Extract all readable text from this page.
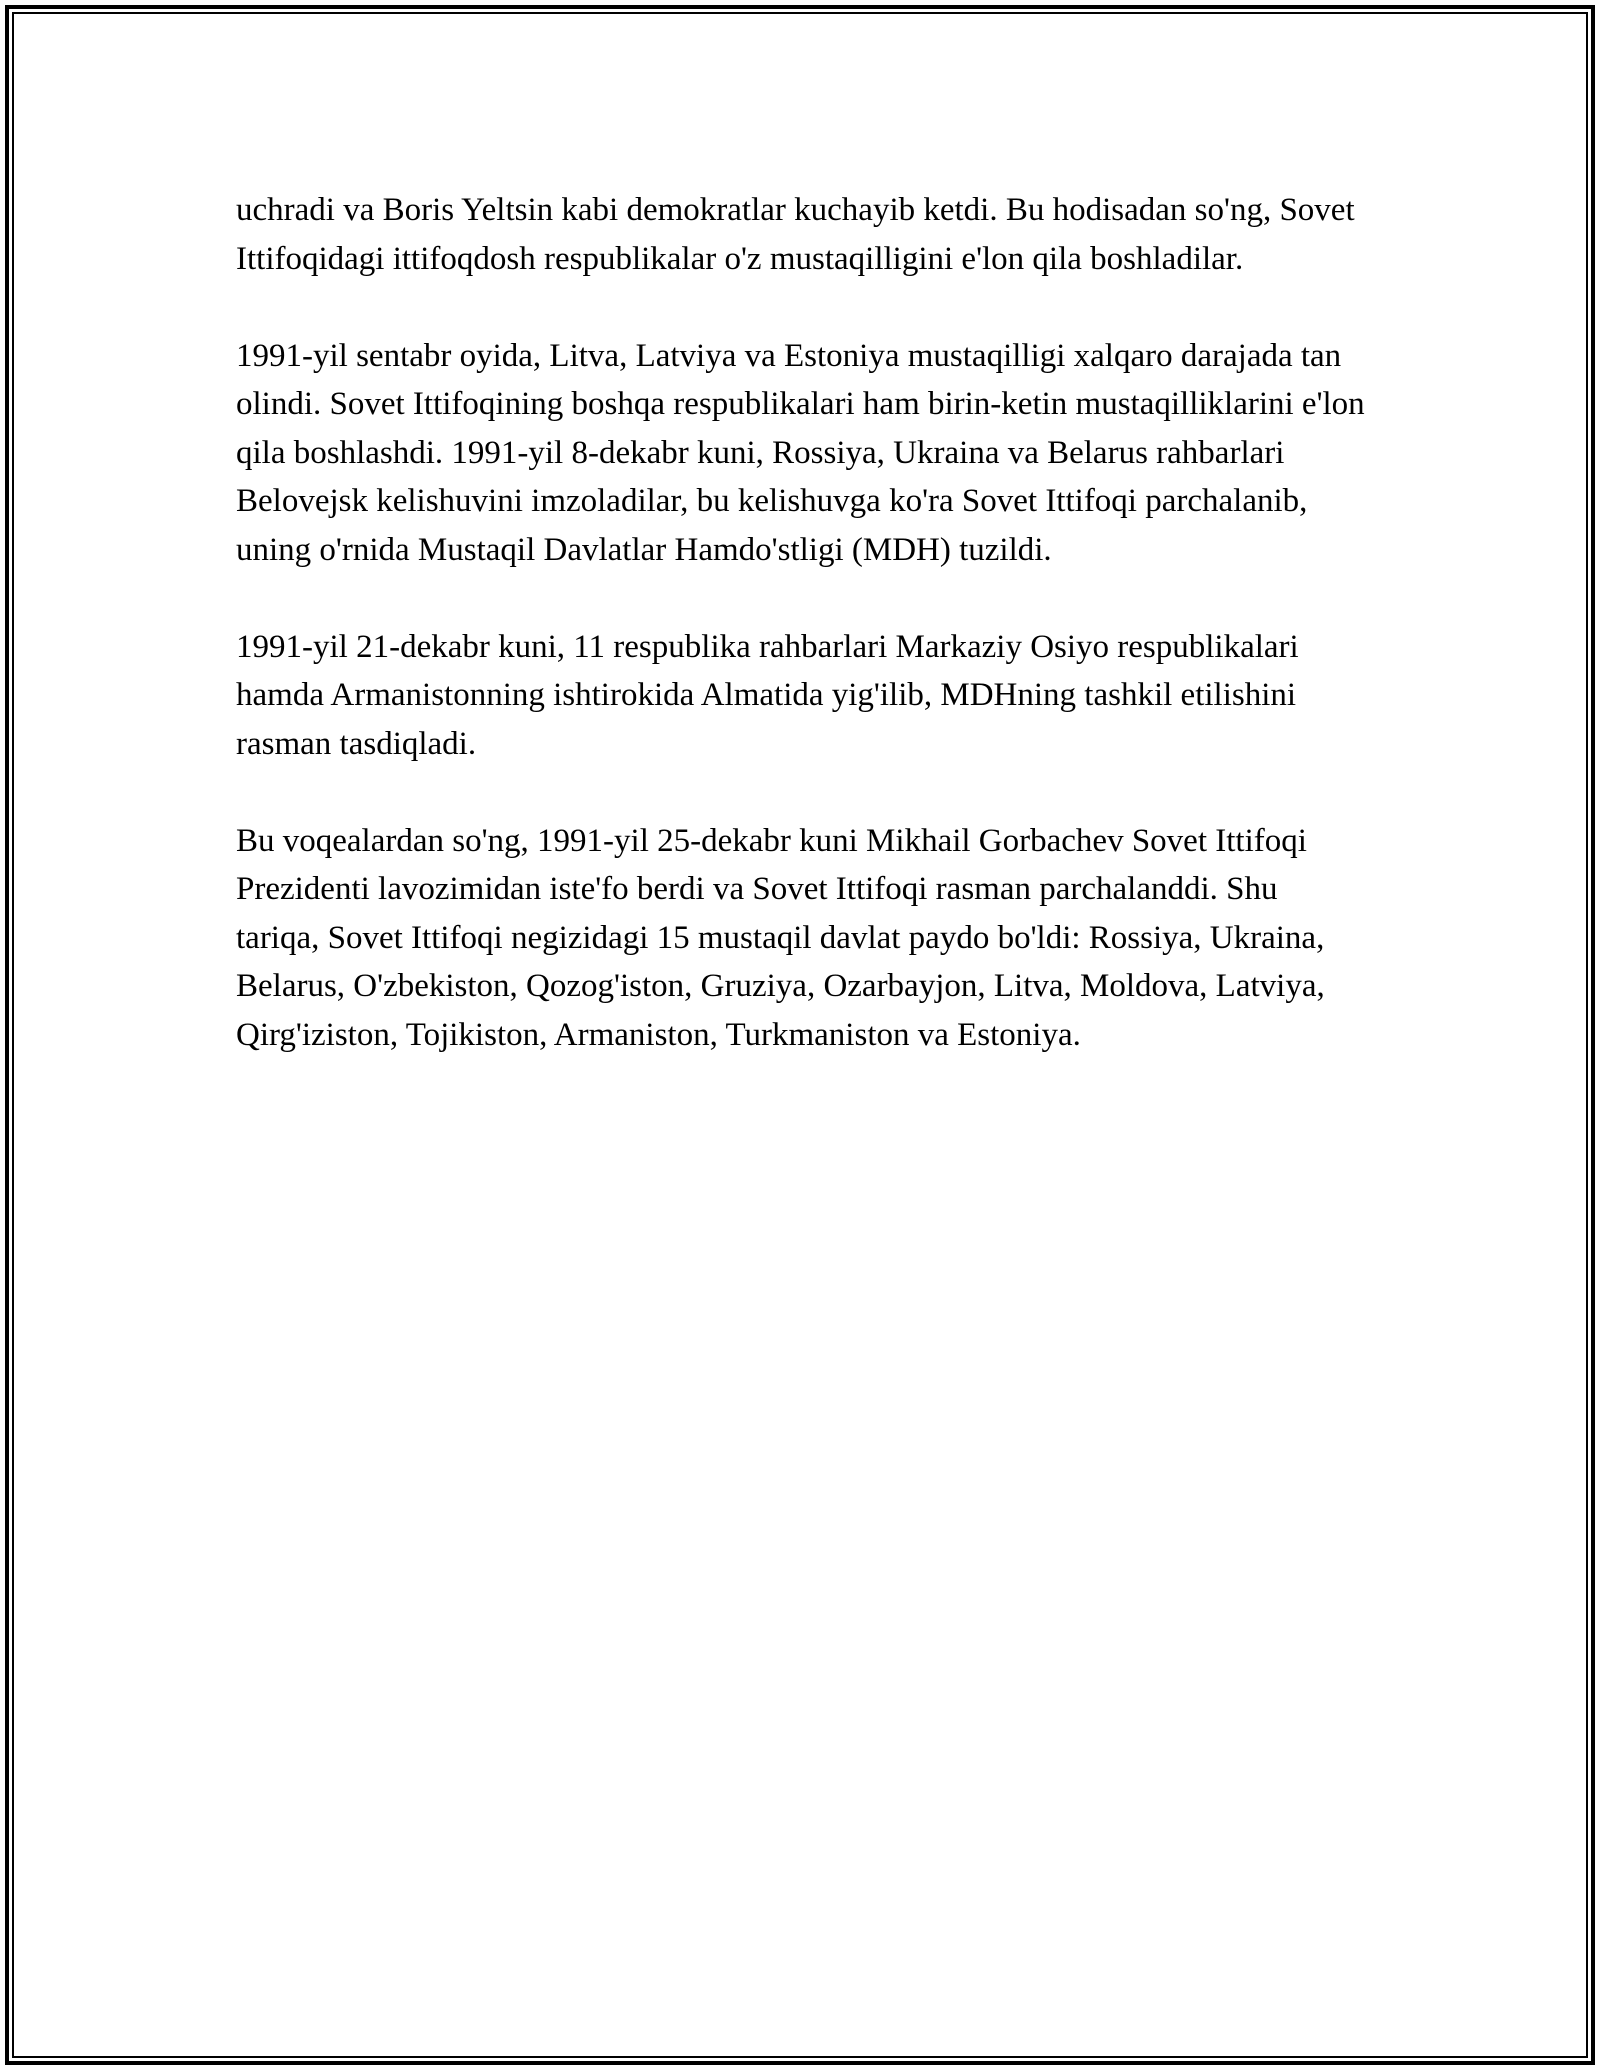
uchradi va Boris Yeltsin kabi demokratlar kuchayib ketdi. Bu hodisadan so'ng, Sovet Ittifoqidagi ittifoqdosh respublikalar o'z mustaqilligini e'lon qila boshladilar.

1991-yil sentabr oyida, Litva, Latviya va Estoniya mustaqilligi xalqaro darajada tan olindi. Sovet Ittifoqining boshqa respublikalari ham birin-ketin mustaqilliklarini e'lon qila boshlashdi. 1991-yil 8-dekabr kuni, Rossiya, Ukraina va Belarus rahbarlari Belovejsk kelishuvini imzoladilar, bu kelishuvga ko'ra Sovet Ittifoqi parchalanib, uning o'rnida Mustaqil Davlatlar Hamdo'stligi (MDH) tuzildi.

1991-yil 21-dekabr kuni, 11 respublika rahbarlari Markaziy Osiyo respublikalari hamda Armanistonning ishtirokida Almatida yig'ilib, MDHning tashkil etilishini rasman tasdiqladi.

Bu voqealardan so'ng, 1991-yil 25-dekabr kuni Mikhail Gorbachev Sovet Ittifoqi Prezidenti lavozimidan iste'fo berdi va Sovet Ittifoqi rasman parchalanddi. Shu tariqa, Sovet Ittifoqi negizidagi 15 mustaqil davlat paydo bo'ldi: Rossiya, Ukraina, Belarus, O'zbekiston, Qozog'iston, Gruziya, Ozarbayjon, Litva, Moldova, Latviya, Qirg'iziston, Tojikiston, Armaniston, Turkmaniston va Estoniya.
